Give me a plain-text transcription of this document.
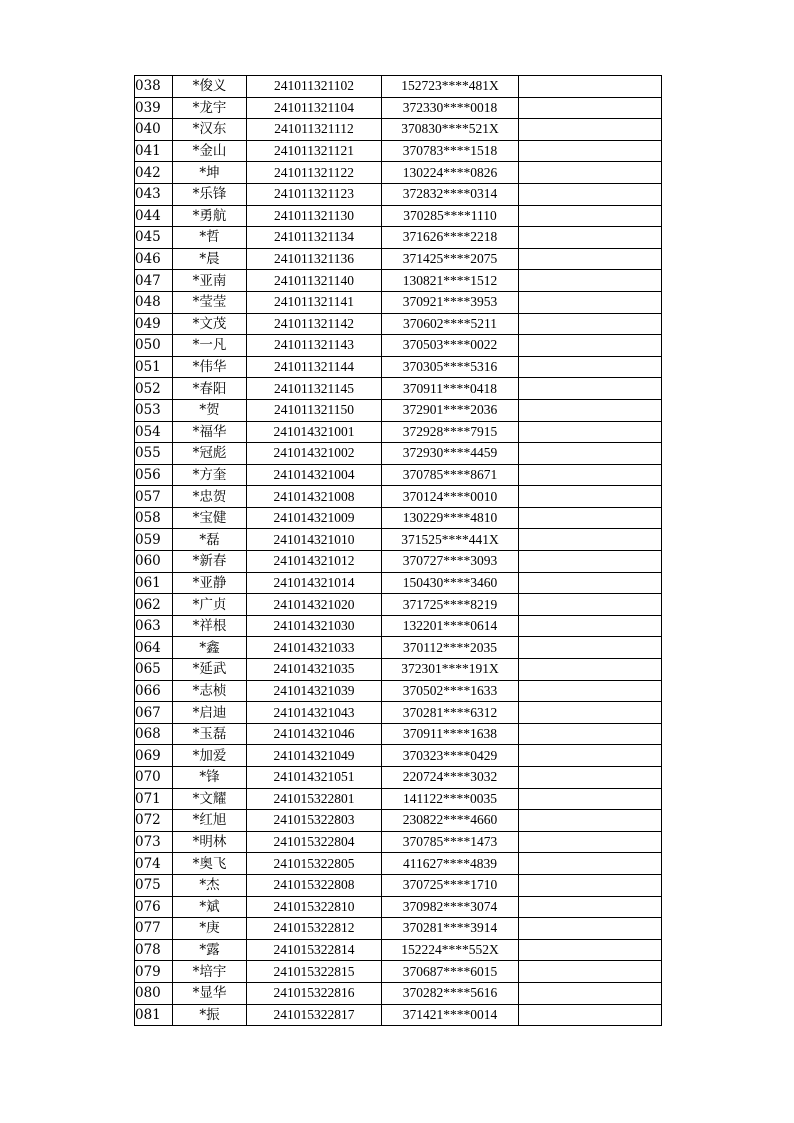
038	*俊义	241011321102	152723****481X	
039	*龙宇	241011321104	372330****0018	
040	*汉东	241011321112	370830****521X	
041	*金山	241011321121	370783****1518	
042	*坤	241011321122	130224****0826	
043	*乐锋	241011321123	372832****0314	
044	*勇航	241011321130	370285****1110	
045	*哲	241011321134	371626****2218	
046	*晨	241011321136	371425****2075	
047	*亚南	241011321140	130821****1512	
048	*莹莹	241011321141	370921****3953	
049	*文茂	241011321142	370602****5211	
050	*一凡	241011321143	370503****0022	
051	*伟华	241011321144	370305****5316	
052	*春阳	241011321145	370911****0418	
053	*贺	241011321150	372901****2036	
054	*福华	241014321001	372928****7915	
055	*冠彪	241014321002	372930****4459	
056	*方奎	241014321004	370785****8671	
057	*忠贺	241014321008	370124****0010	
058	*宝健	241014321009	130229****4810	
059	*磊	241014321010	371525****441X	
060	*新春	241014321012	370727****3093	
061	*亚静	241014321014	150430****3460	
062	*广贞	241014321020	371725****8219	
063	*祥根	241014321030	132201****0614	
064	*鑫	241014321033	370112****2035	
065	*延武	241014321035	372301****191X	
066	*志桢	241014321039	370502****1633	
067	*启迪	241014321043	370281****6312	
068	*玉磊	241014321046	370911****1638	
069	*加爱	241014321049	370323****0429	
070	*锋	241014321051	220724****3032	
071	*文耀	241015322801	141122****0035	
072	*红旭	241015322803	230822****4660	
073	*明林	241015322804	370785****1473	
074	*奥飞	241015322805	411627****4839	
075	*杰	241015322808	370725****1710	
076	*斌	241015322810	370982****3074	
077	*庚	241015322812	370281****3914	
078	*露	241015322814	152224****552X	
079	*培宇	241015322815	370687****6015	
080	*显华	241015322816	370282****5616	
081	*振	241015322817	371421****0014	
